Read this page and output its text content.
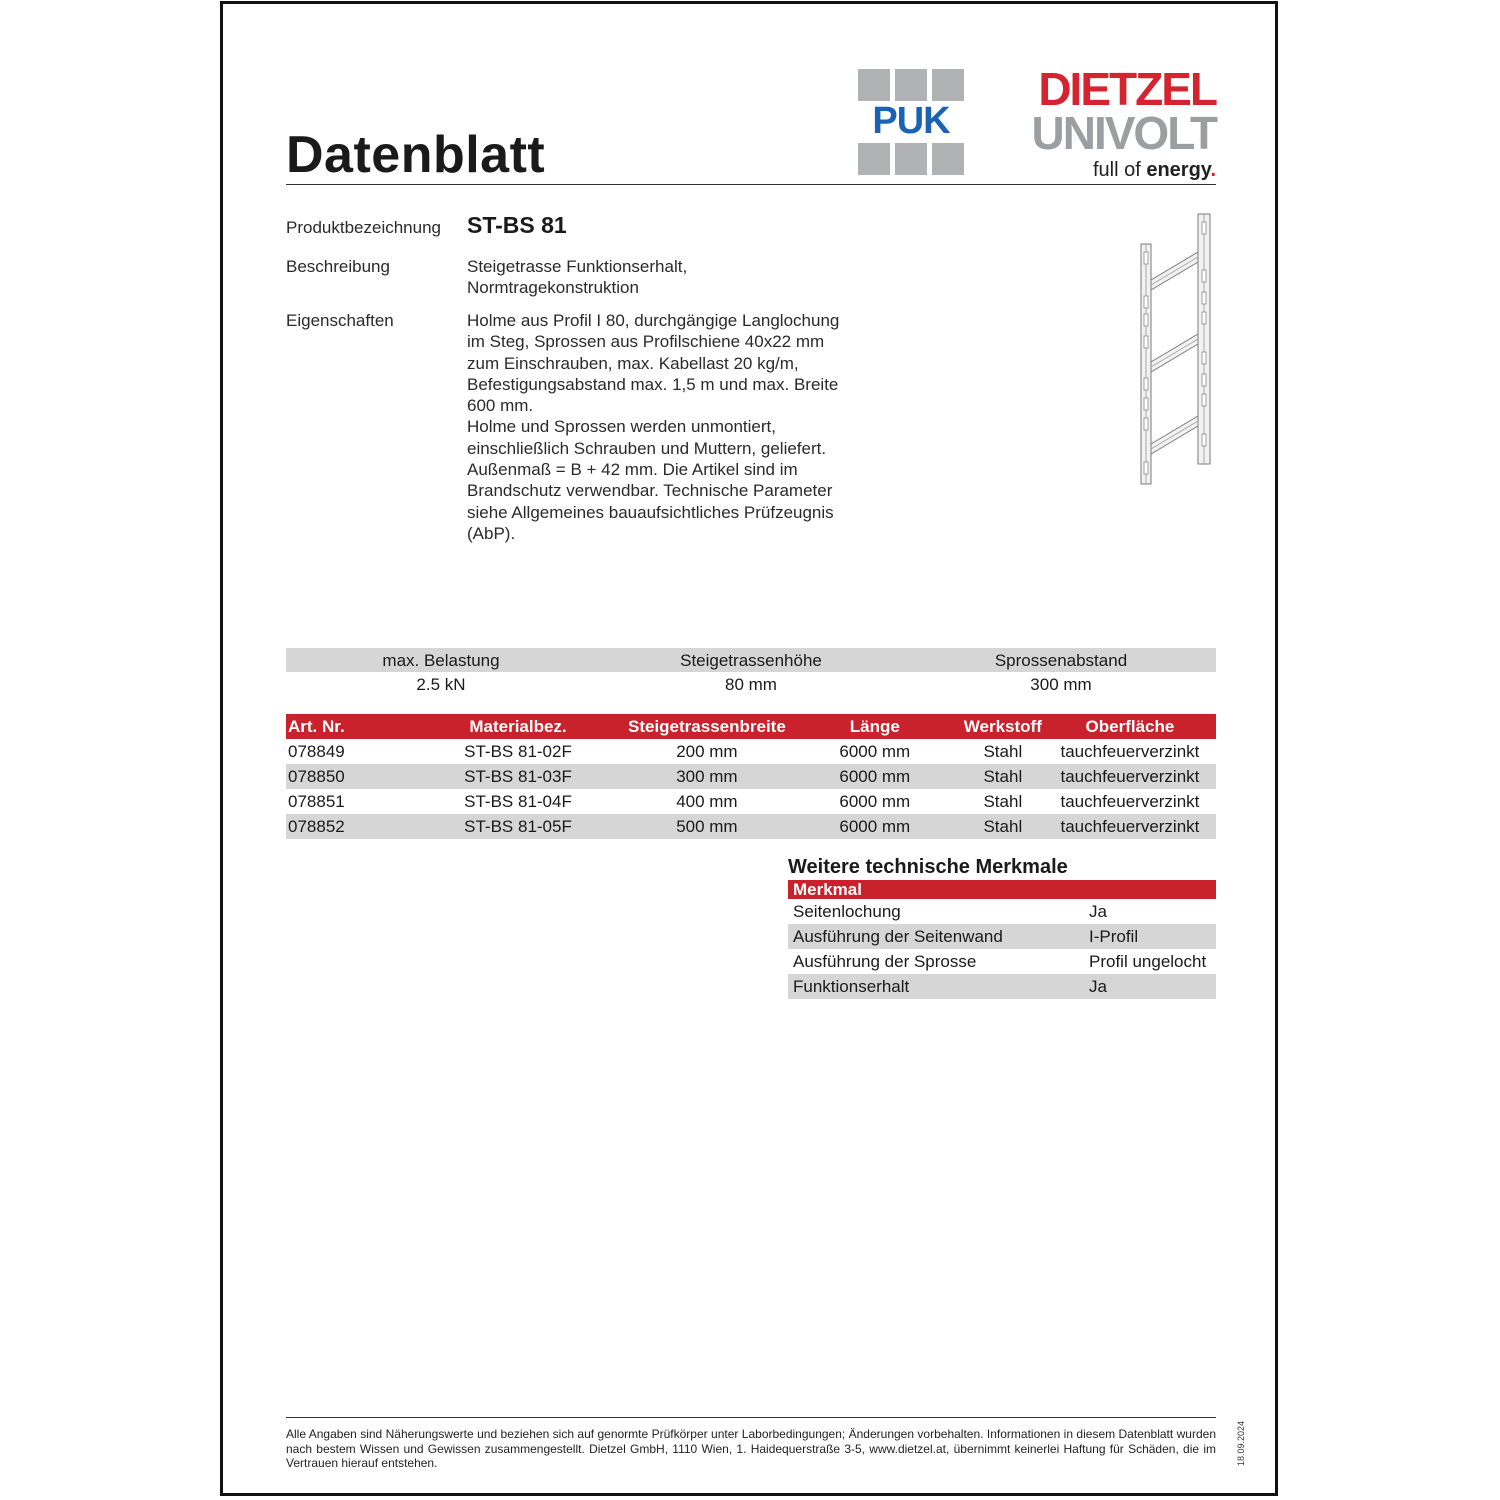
Datenblatt
PUK
DIETZEL
UNIVOLT
full of energy.
Produktbezeichnung ST-BS 81
Beschreibung	Steigetrasse Funktionserhalt,
Normtragekonstruktion
Eigenschaften	Holme aus Profil I 80, durchgängige Langlochung
im Steg, Sprossen aus Profilschiene 40x22 mm
zum Einschrauben, max. Kabellast 20 kg/m,
Befestigungsabstand max. 1,5 m und max. Breite
600 mm.
Holme und Sprossen werden unmontiert,
einschließlich Schrauben und Muttern, geliefert.
Außenmaß = B + 42 mm. Die Artikel sind im
Brandschutz verwendbar. Technische Parameter
siehe Allgemeines bauaufsichtliches Prüfzeugnis
(AbP).
max. Belastung	Steigetrassenhöhe	Sprossenabstand
2.5 kN	80 mm	300 mm
Art. Nr.	Materialbez.	Steigetrassenbreite	Länge	Werkstoff	Oberfläche
078849	ST-BS 81-02F	200 mm	6000 mm	Stahl	tauchfeuerverzinkt
078850	ST-BS 81-03F	300 mm	6000 mm	Stahl	tauchfeuerverzinkt
078851	ST-BS 81-04F	400 mm	6000 mm	Stahl	tauchfeuerverzinkt
078852	ST-BS 81-05F	500 mm	6000 mm	Stahl	tauchfeuerverzinkt
Weitere technische Merkmale
Merkmal	
Seitenlochung	Ja
Ausführung der Seitenwand	I-Profil
Ausführung der Sprosse	Profil ungelocht
Funktionserhalt	Ja
Alle Angaben sind Näherungswerte und beziehen sich auf genormte Prüfkörper unter Laborbedingungen; Änderungen vorbehalten. Informationen in diesem Datenblatt wurden nach bestem Wissen und Gewissen zusammengestellt. Dietzel GmbH, 1110 Wien, 1. Haidequerstraße 3-5, www.dietzel.at, übernimmt keinerlei Haftung für Schäden, die im Vertrauen hierauf entstehen.	18.09.2024
